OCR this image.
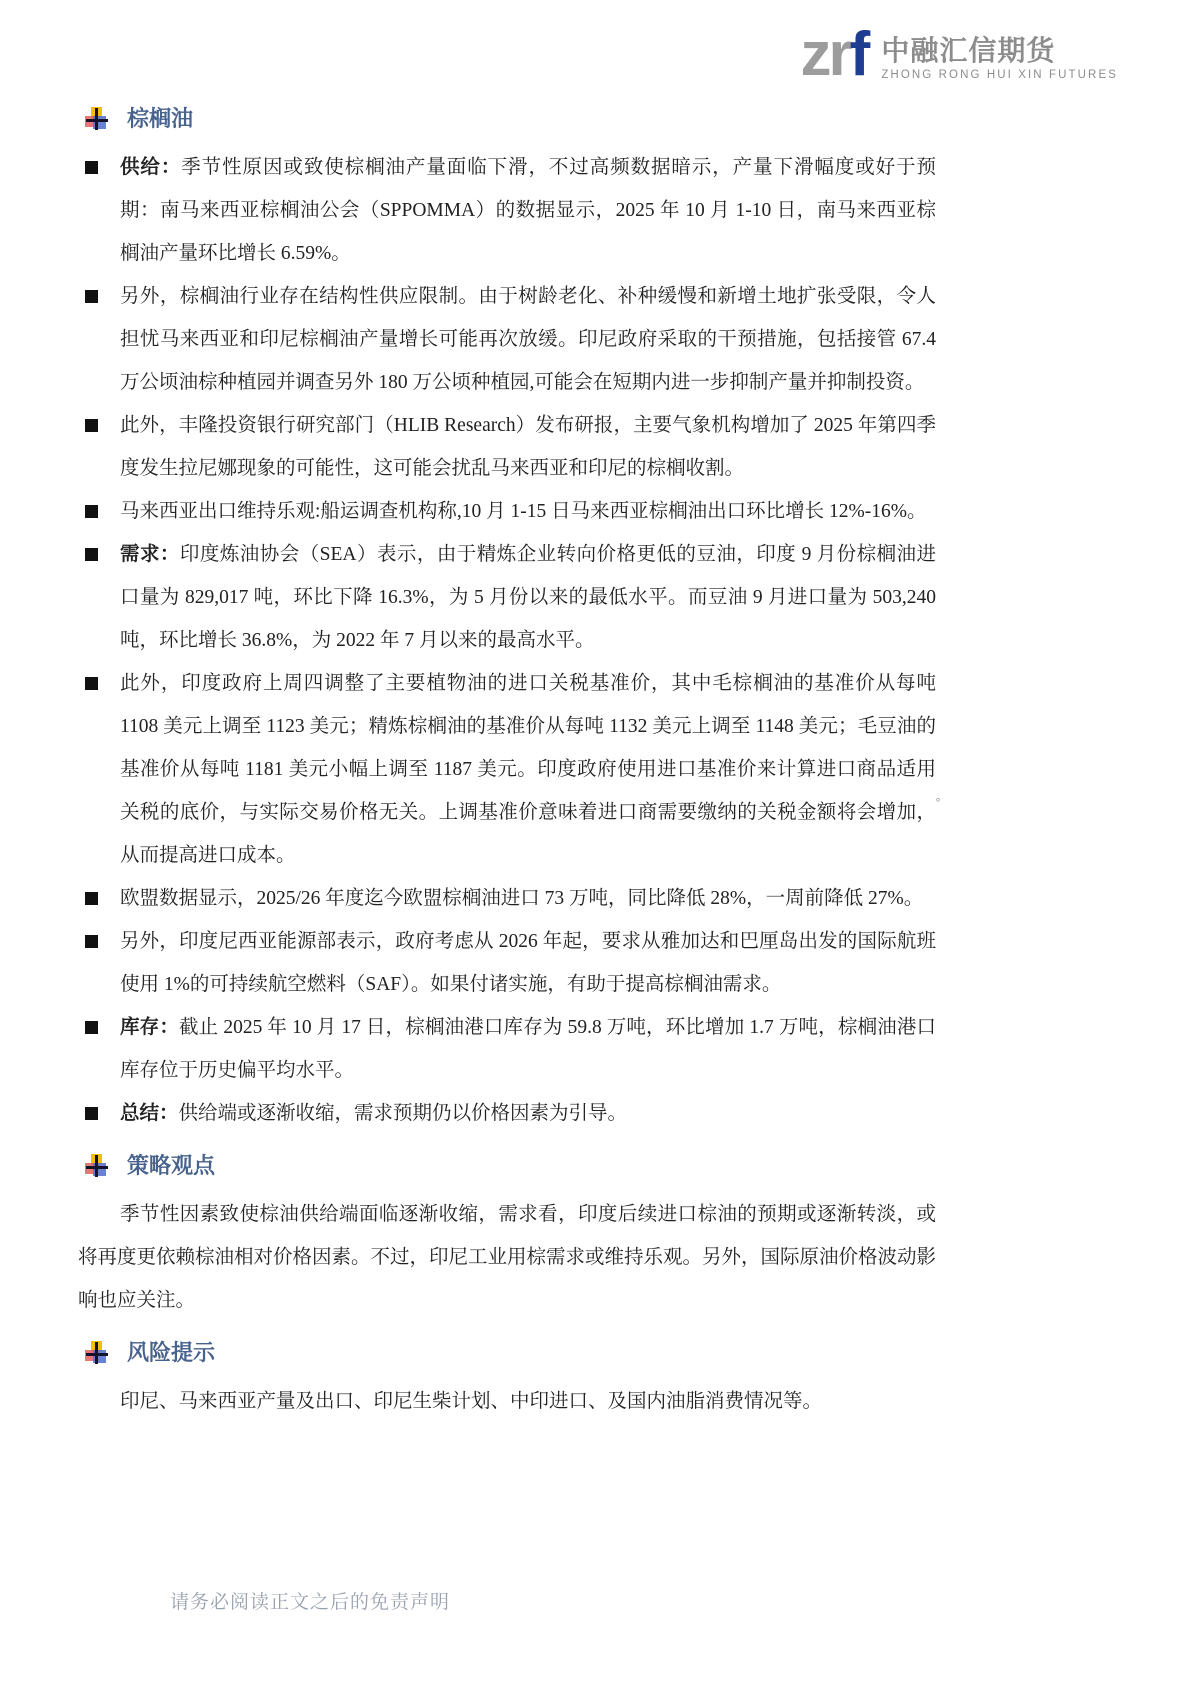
zrf 中融汇信期货
ZHONG RONG HUI XIN FUTURES
棕榈油

供给：季节性原因或致使棕榈油产量面临下滑，不过高频数据暗示，产量下滑幅度或好于预期：南马来西亚棕榈油公会（SPPOMMA）的数据显示，2025 年 10 月 1-10 日，南马来西亚棕榈油产量环比增长 6.59%。

另外，棕榈油行业存在结构性供应限制。由于树龄老化、补种缓慢和新增土地扩张受限，令人担忧马来西亚和印尼棕榈油产量增长可能再次放缓。印尼政府采取的干预措施，包括接管 67.4 万公顷油棕种植园并调查另外 180 万公顷种植园,可能会在短期内进一步抑制产量并抑制投资。

此外，丰隆投资银行研究部门（HLIB Research）发布研报，主要气象机构增加了 2025 年第四季度发生拉尼娜现象的可能性，这可能会扰乱马来西亚和印尼的棕榈收割。

马来西亚出口维持乐观:船运调查机构称,10 月 1-15 日马来西亚棕榈油出口环比增长 12%-16%。

需求：印度炼油协会（SEA）表示，由于精炼企业转向价格更低的豆油，印度 9 月份棕榈油进口量为 829,017 吨，环比下降 16.3%，为 5 月份以来的最低水平。而豆油 9 月进口量为 503,240 吨，环比增长 36.8%，为 2022 年 7 月以来的最高水平。

此外，印度政府上周四调整了主要植物油的进口关税基准价，其中毛棕榈油的基准价从每吨 1108 美元上调至 1123 美元；精炼棕榈油的基准价从每吨 1132 美元上调至 1148 美元；毛豆油的基准价从每吨 1181 美元小幅上调至 1187 美元。印度政府使用进口基准价来计算进口商品适用关税的底价，与实际交易价格无关。上调基准价意味着进口商需要缴纳的关税金额将会增加，从而提高进口成本。

欧盟数据显示，2025/26 年度迄今欧盟棕榈油进口 73 万吨，同比降低 28%，一周前降低 27%。

另外，印度尼西亚能源部表示，政府考虑从 2026 年起，要求从雅加达和巴厘岛出发的国际航班使用 1%的可持续航空燃料（SAF）。如果付诸实施，有助于提高棕榈油需求。

库存：截止 2025 年 10 月 17 日，棕榈油港口库存为 59.8 万吨，环比增加 1.7 万吨，棕榈油港口库存位于历史偏平均水平。

总结：供给端或逐渐收缩，需求预期仍以价格因素为引导。

策略观点

季节性因素致使棕油供给端面临逐渐收缩，需求看，印度后续进口棕油的预期或逐渐转淡，或将再度更依赖棕油相对价格因素。不过，印尼工业用棕需求或维持乐观。另外，国际原油价格波动影响也应关注。

风险提示

印尼、马来西亚产量及出口、印尼生柴计划、中印进口、及国内油脂消费情况等。

。
请务必阅读正文之后的免责声明
